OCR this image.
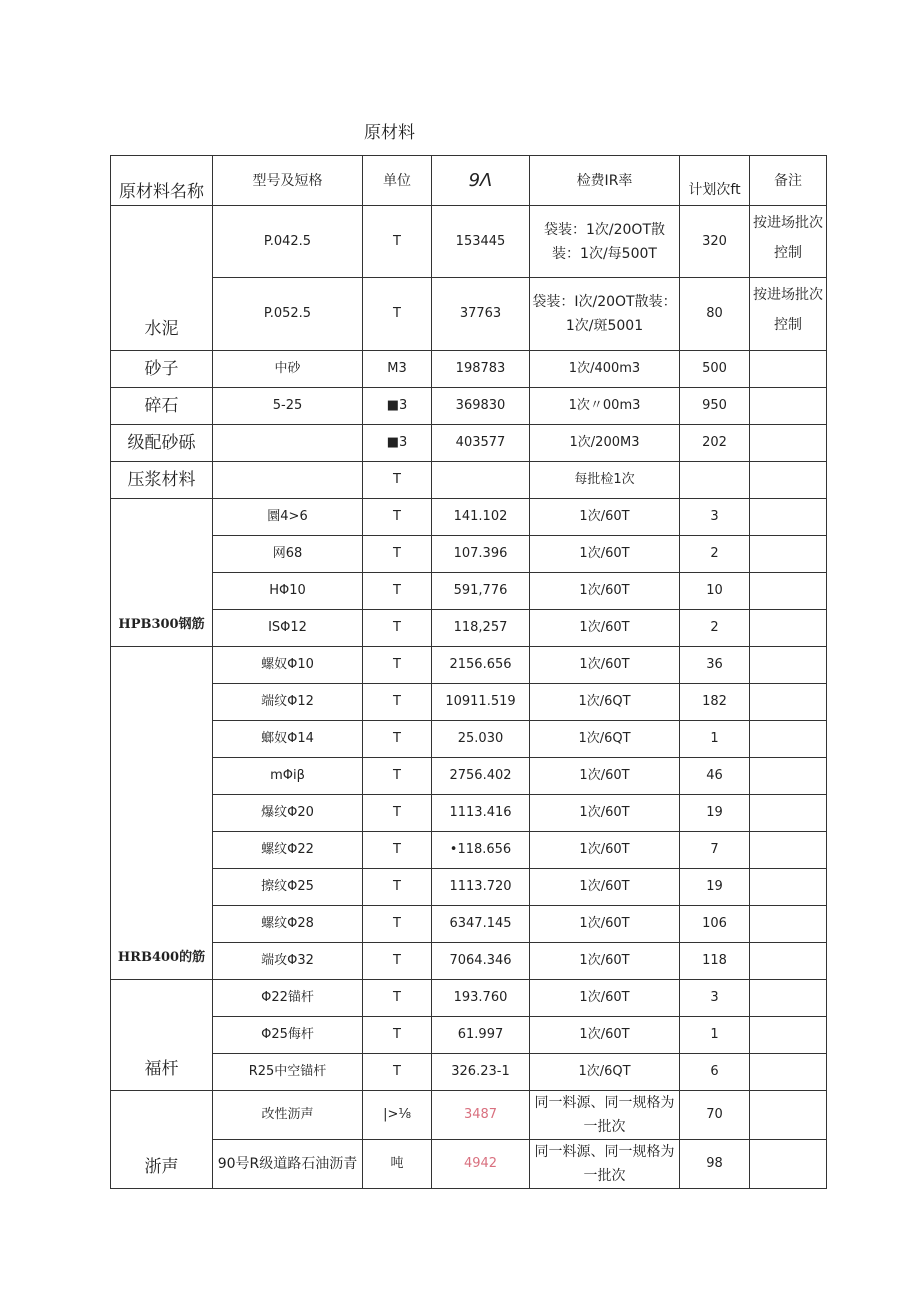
原材料
原材料名称	型号及短格	单位	9Λ	检费IR率	计划次ft	备注
水泥	P.042.5	T	153445	袋装：1次/20OT散装：1次/每500T	320	按进场批次控制
	P.052.5	T	37763	袋装：I次/20OT散装：1次/斑5001	80	按进场批次控制
砂子	中砂	M3	198783	1次/400m3	500	
碎石	5-25	■3	369830	1次〃00m3	950	
级配砂砾		■3	403577	1次/200M3	202	
压浆材料		T		每批检1次		
HPB300钢筋	圜4>6	T	141.102	1次/60T	3	
	网68	T	107.396	1次/60T	2	
	HΦ10	T	591,776	1次/60T	10	
	ISΦ12	T	118,257	1次/60T	2	
HRB400的筋	螺奴Φ10	T	2156.656	1次/60T	36	
	端纹Φ12	T	10911.519	1次/6QT	182	
	螂奴Φ14	T	25.030	1次/6QT	1	
	mΦiβ	T	2756.402	1次/60T	46	
	爆纹Φ20	T	1113.416	1次/60T	19	
	螺纹Φ22	T	•118.656	1次/60T	7	
	擦纹Φ25	T	1113.720	1次/60T	19	
	螺纹Φ28	T	6347.145	1次/60T	106	
	端攻Φ32	T	7064.346	1次/60T	118	
福杆	Φ22锚杆	T	193.760	1次/60T	3	
	Φ25侮杆	T	61.997	1次/60T	1	
	R25中空锚杆	T	326.23-1	1次/6QT	6	
浙声	改性沥声	|>⅛	3487	同一料源、同一规格为一批次	70	
	90号R级道路石油沥青	吨	4942	同一料源、同一规格为一批次	98	
